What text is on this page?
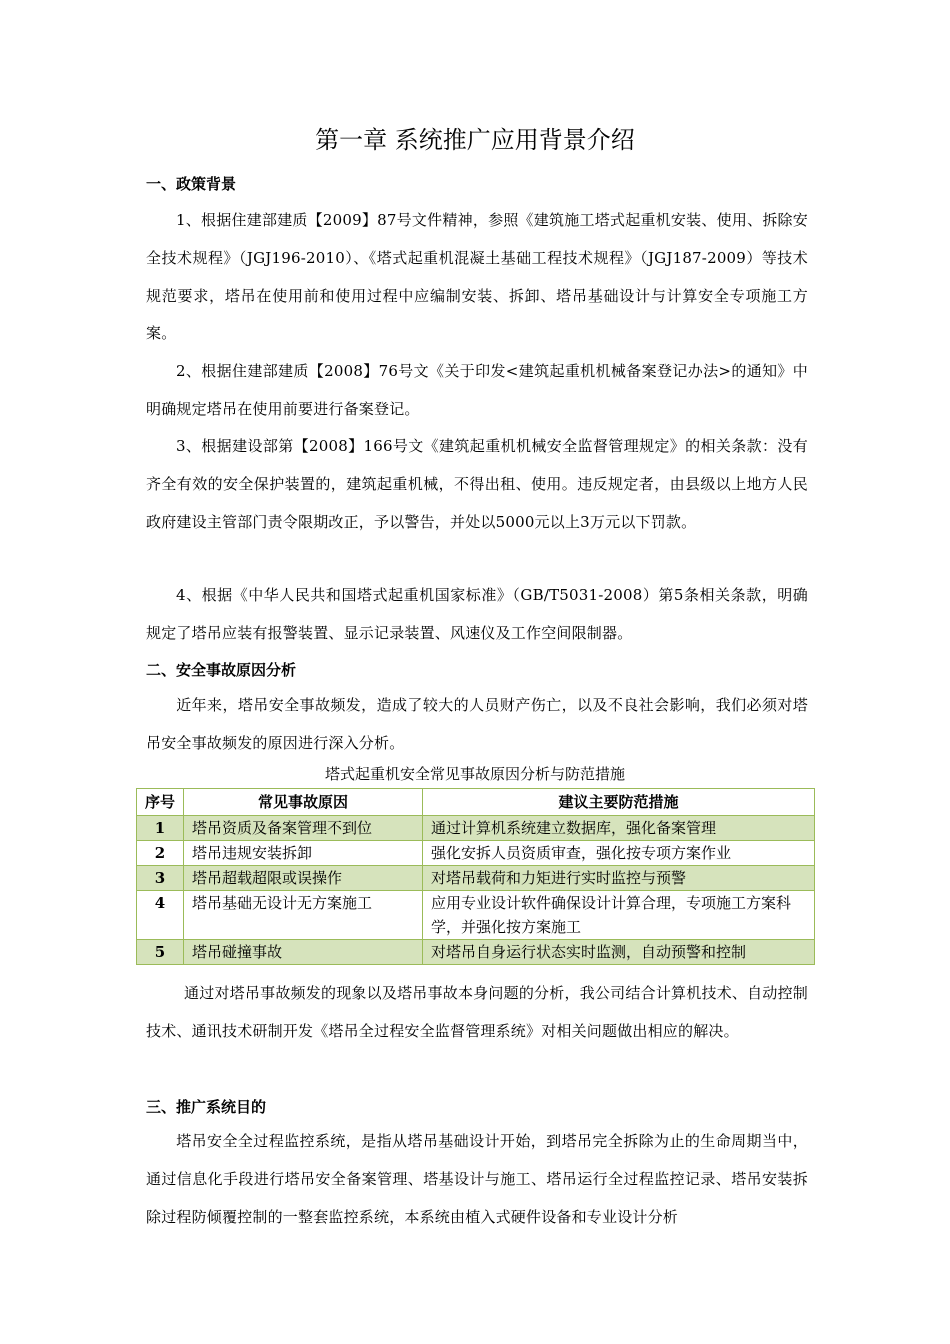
第一章 系统推广应用背景介绍
一、政策背景
1、根据住建部建质【2009】87号文件精神，参照《建筑施工塔式起重机安装、使用、拆除安全技术规程》（JGJ196-2010）、《塔式起重机混凝土基础工程技术规程》（JGJ187-2009）等技术规范要求，塔吊在使用前和使用过程中应编制安装、拆卸、塔吊基础设计与计算安全专项施工方案。
2、根据住建部建质【2008】76号文《关于印发<建筑起重机机械备案登记办法>的通知》中明确规定塔吊在使用前要进行备案登记。
3、根据建设部第【2008】166号文《建筑起重机机械安全监督管理规定》的相关条款：没有齐全有效的安全保护装置的，建筑起重机械，不得出租、使用。违反规定者，由县级以上地方人民政府建设主管部门责令限期改正，予以警告，并处以5000元以上3万元以下罚款。
4、根据《中华人民共和国塔式起重机国家标准》（GB/T5031-2008）第5条相关条款，明确规定了塔吊应装有报警装置、显示记录装置、风速仪及工作空间限制器。
二、安全事故原因分析
近年来，塔吊安全事故频发，造成了较大的人员财产伤亡，以及不良社会影响，我们必须对塔吊安全事故频发的原因进行深入分析。
塔式起重机安全常见事故原因分析与防范措施
序号	常见事故原因	建议主要防范措施
1	塔吊资质及备案管理不到位	通过计算机系统建立数据库，强化备案管理
2	塔吊违规安装拆卸	强化安拆人员资质审查，强化按专项方案作业
3	塔吊超载超限或误操作	对塔吊载荷和力矩进行实时监控与预警
4	塔吊基础无设计无方案施工	应用专业设计软件确保设计计算合理，专项施工方案科学，并强化按方案施工
5	塔吊碰撞事故	对塔吊自身运行状态实时监测，自动预警和控制
通过对塔吊事故频发的现象以及塔吊事故本身问题的分析，我公司结合计算机技术、自动控制技术、通讯技术研制开发《塔吊全过程安全监督管理系统》对相关问题做出相应的解决。
三、推广系统目的
塔吊安全全过程监控系统，是指从塔吊基础设计开始，到塔吊完全拆除为止的生命周期当中，通过信息化手段进行塔吊安全备案管理、塔基设计与施工、塔吊运行全过程监控记录、塔吊安装拆除过程防倾覆控制的一整套监控系统，本系统由植入式硬件设备和专业设计分析
